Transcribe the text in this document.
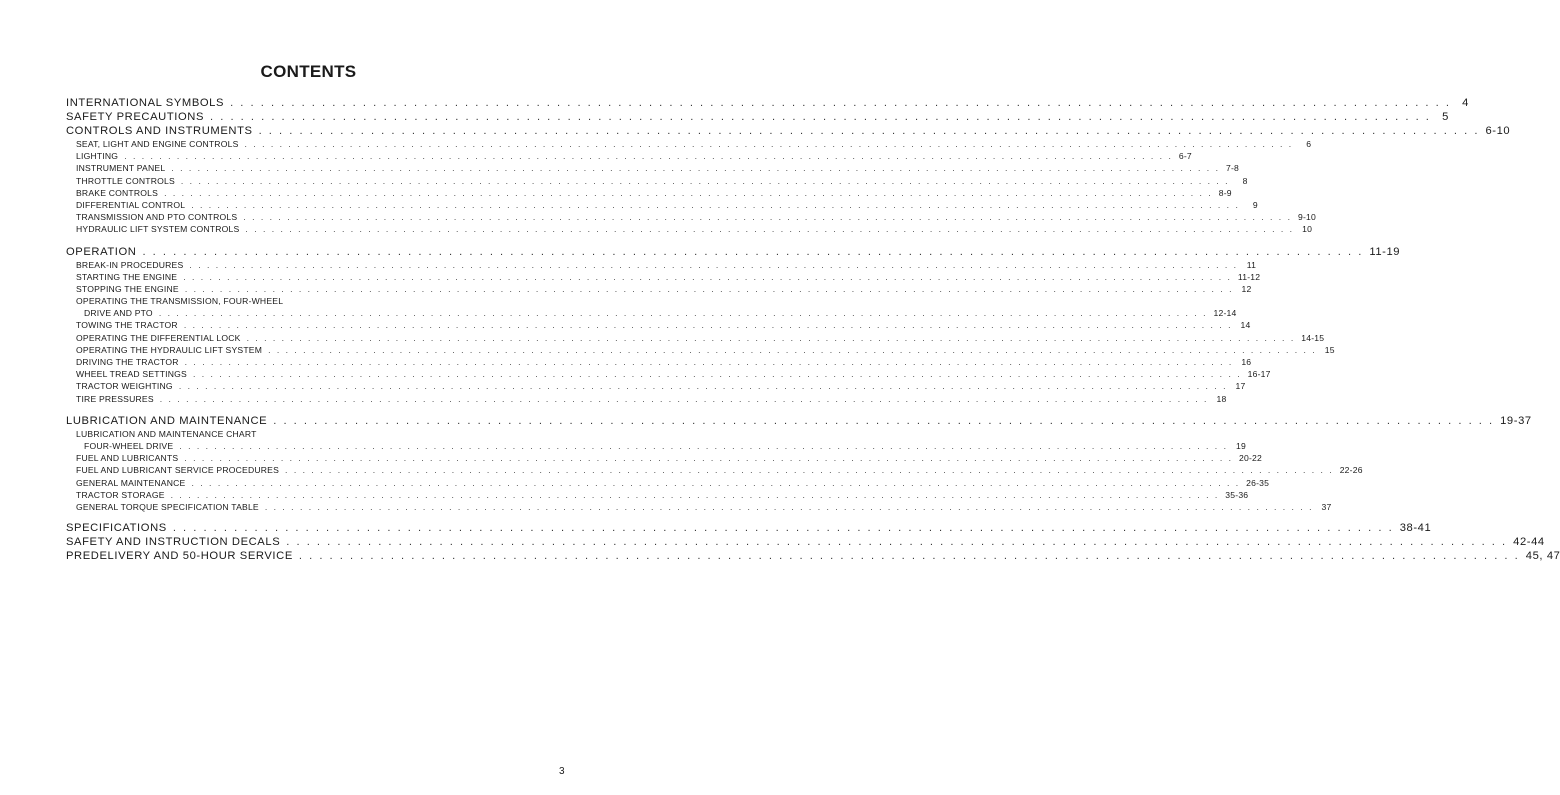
CONTENTS
INTERNATIONAL SYMBOLS . . . . . . . . . . . . . . . . . . . . . . . . . . . . . . . . . . . . . . . . . . . . . . . . . . . . . . . . . . . . . . . . . . . . . . . . . . . . . . . . . . . . . . . . . . . . . . . . . . . . . . . . . . . . . . . . . . . . . . . . 4
SAFETY PRECAUTIONS . . . . . . . . . . . . . . . . . . . . . . . . . . . . . . . . . . . . . . . . . . . . . . . . . . . . . . . . . . . . . . . . . . . . . . . . . . . . . . . . . . . . . . . . . . . . . . . . . . . . . . . . . . . . . . . . . . . . . . . . 5
CONTROLS AND INSTRUMENTS . . . . . . . . . . . . . . . . . . . . . . . . . . . . . . . . . . . . . . . . . . . . . . . . . . . . . . . . . . . . . . . . . . . . . . . . . . . . . . . . . . . . . . . . . . . . . . . . . . . . . . . . . . . . . . . . . . . . . . . . 6-10
SEAT, LIGHT AND ENGINE CONTROLS . . . . . . . . . . . . . . . . . . . . . . . . . . . . . . . . . . . . . . . . . . . . . . . . . . . . . . . . . . . . . . . . . . . . . . . . . . . . . . . . . . . . . . . . . . . . . . . . . . . . . . . . . . . . . . . . . . . . . . . .	6
LIGHTING . . . . . . . . . . . . . . . . . . . . . . . . . . . . . . . . . . . . . . . . . . . . . . . . . . . . . . . . . . . . . . . . . . . . . . . . . . . . . . . . . . . . . . . . . . . . . . . . . . . . . . . . . . . . . . . . . . . . . . . . 6-7
INSTRUMENT PANEL . . . . . . . . . . . . . . . . . . . . . . . . . . . . . . . . . . . . . . . . . . . . . . . . . . . . . . . . . . . . . . . . . . . . . . . . . . . . . . . . . . . . . . . . . . . . . . . . . . . . . . . . . . . . . . . . . . . . . . . . 7-8
THROTTLE CONTROLS . . . . . . . . . . . . . . . . . . . . . . . . . . . . . . . . . . . . . . . . . . . . . . . . . . . . . . . . . . . . . . . . . . . . . . . . . . . . . . . . . . . . . . . . . . . . . . . . . . . . . . . . . . . . . . . . . . . . . . . .	8
BRAKE CONTROLS . . . . . . . . . . . . . . . . . . . . . . . . . . . . . . . . . . . . . . . . . . . . . . . . . . . . . . . . . . . . . . . . . . . . . . . . . . . . . . . . . . . . . . . . . . . . . . . . . . . . . . . . . . . . . . . . . . . . . . . . 8-9
DIFFERENTIAL CONTROL . . . . . . . . . . . . . . . . . . . . . . . . . . . . . . . . . . . . . . . . . . . . . . . . . . . . . . . . . . . . . . . . . . . . . . . . . . . . . . . . . . . . . . . . . . . . . . . . . . . . . . . . . . . . . . . . . . . . . . . .	9
TRANSMISSION AND PTO CONTROLS . . . . . . . . . . . . . . . . . . . . . . . . . . . . . . . . . . . . . . . . . . . . . . . . . . . . . . . . . . . . . . . . . . . . . . . . . . . . . . . . . . . . . . . . . . . . . . . . . . . . . . . . . . . . . . . . . . . . . . . . 9-10
HYDRAULIC LIFT SYSTEM CONTROLS . . . . . . . . . . . . . . . . . . . . . . . . . . . . . . . . . . . . . . . . . . . . . . . . . . . . . . . . . . . . . . . . . . . . . . . . . . . . . . . . . . . . . . . . . . . . . . . . . . . . . . . . . . . . . . . . . . . . . . . . 10
OPERATION . . . . . . . . . . . . . . . . . . . . . . . . . . . . . . . . . . . . . . . . . . . . . . . . . . . . . . . . . . . . . . . . . . . . . . . . . . . . . . . . . . . . . . . . . . . . . . . . . . . . . . . . . . . . . . . . . . . . . . . . 11-19
BREAK-IN PROCEDURES . . . . . . . . . . . . . . . . . . . . . . . . . . . . . . . . . . . . . . . . . . . . . . . . . . . . . . . . . . . . . . . . . . . . . . . . . . . . . . . . . . . . . . . . . . . . . . . . . . . . . . . . . . . . . . . . . . . . . . . .	11
STARTING THE ENGINE . . . . . . . . . . . . . . . . . . . . . . . . . . . . . . . . . . . . . . . . . . . . . . . . . . . . . . . . . . . . . . . . . . . . . . . . . . . . . . . . . . . . . . . . . . . . . . . . . . . . . . . . . . . . . . . . . . . . . . . . 11-12
STOPPING THE ENGINE . . . . . . . . . . . . . . . . . . . . . . . . . . . . . . . . . . . . . . . . . . . . . . . . . . . . . . . . . . . . . . . . . . . . . . . . . . . . . . . . . . . . . . . . . . . . . . . . . . . . . . . . . . . . . . . . . . . . . . . . 12
OPERATING THE TRANSMISSION, FOUR-WHEEL
DRIVE AND PTO . . . . . . . . . . . . . . . . . . . . . . . . . . . . . . . . . . . . . . . . . . . . . . . . . . . . . . . . . . . . . . . . . . . . . . . . . . . . . . . . . . . . . . . . . . . . . . . . . . . . . . . . . . . . . . . . . . . . . . . . 12-14
TOWING THE TRACTOR . . . . . . . . . . . . . . . . . . . . . . . . . . . . . . . . . . . . . . . . . . . . . . . . . . . . . . . . . . . . . . . . . . . . . . . . . . . . . . . . . . . . . . . . . . . . . . . . . . . . . . . . . . . . . . . . . . . . . . . . 14
OPERATING THE DIFFERENTIAL LOCK . . . . . . . . . . . . . . . . . . . . . . . . . . . . . . . . . . . . . . . . . . . . . . . . . . . . . . . . . . . . . . . . . . . . . . . . . . . . . . . . . . . . . . . . . . . . . . . . . . . . . . . . . . . . . . . . . . . . . . . . 14-15
OPERATING THE HYDRAULIC LIFT SYSTEM . . . . . . . . . . . . . . . . . . . . . . . . . . . . . . . . . . . . . . . . . . . . . . . . . . . . . . . . . . . . . . . . . . . . . . . . . . . . . . . . . . . . . . . . . . . . . . . . . . . . . . . . . . . . . . . . . . . . . . . . 15
DRIVING THE TRACTOR . . . . . . . . . . . . . . . . . . . . . . . . . . . . . . . . . . . . . . . . . . . . . . . . . . . . . . . . . . . . . . . . . . . . . . . . . . . . . . . . . . . . . . . . . . . . . . . . . . . . . . . . . . . . . . . . . . . . . . . . 16
WHEEL TREAD SETTINGS . . . . . . . . . . . . . . . . . . . . . . . . . . . . . . . . . . . . . . . . . . . . . . . . . . . . . . . . . . . . . . . . . . . . . . . . . . . . . . . . . . . . . . . . . . . . . . . . . . . . . . . . . . . . . . . . . . . . . . . . 16-17
TRACTOR WEIGHTING . . . . . . . . . . . . . . . . . . . . . . . . . . . . . . . . . . . . . . . . . . . . . . . . . . . . . . . . . . . . . . . . . . . . . . . . . . . . . . . . . . . . . . . . . . . . . . . . . . . . . . . . . . . . . . . . . . . . . . . . 17
TIRE PRESSURES . . . . . . . . . . . . . . . . . . . . . . . . . . . . . . . . . . . . . . . . . . . . . . . . . . . . . . . . . . . . . . . . . . . . . . . . . . . . . . . . . . . . . . . . . . . . . . . . . . . . . . . . . . . . . . . . . . . . . . . . 18
LUBRICATION AND MAINTENANCE . . . . . . . . . . . . . . . . . . . . . . . . . . . . . . . . . . . . . . . . . . . . . . . . . . . . . . . . . . . . . . . . . . . . . . . . . . . . . . . . . . . . . . . . . . . . . . . . . . . . . . . . . . . . . . . . . . . . . . . . 19-37
LUBRICATION AND MAINTENANCE CHART
FOUR-WHEEL DRIVE . . . . . . . . . . . . . . . . . . . . . . . . . . . . . . . . . . . . . . . . . . . . . . . . . . . . . . . . . . . . . . . . . . . . . . . . . . . . . . . . . . . . . . . . . . . . . . . . . . . . . . . . . . . . . . . . . . . . . . . . 19
FUEL AND LUBRICANTS . . . . . . . . . . . . . . . . . . . . . . . . . . . . . . . . . . . . . . . . . . . . . . . . . . . . . . . . . . . . . . . . . . . . . . . . . . . . . . . . . . . . . . . . . . . . . . . . . . . . . . . . . . . . . . . . . . . . . . . . 20-22
FUEL AND LUBRICANT SERVICE PROCEDURES . . . . . . . . . . . . . . . . . . . . . . . . . . . . . . . . . . . . . . . . . . . . . . . . . . . . . . . . . . . . . . . . . . . . . . . . . . . . . . . . . . . . . . . . . . . . . . . . . . . . . . . . . . . . . . . . . . . . . . . . 22-26
GENERAL MAINTENANCE . . . . . . . . . . . . . . . . . . . . . . . . . . . . . . . . . . . . . . . . . . . . . . . . . . . . . . . . . . . . . . . . . . . . . . . . . . . . . . . . . . . . . . . . . . . . . . . . . . . . . . . . . . . . . . . . . . . . . . . . 26-35
TRACTOR STORAGE . . . . . . . . . . . . . . . . . . . . . . . . . . . . . . . . . . . . . . . . . . . . . . . . . . . . . . . . . . . . . . . . . . . . . . . . . . . . . . . . . . . . . . . . . . . . . . . . . . . . . . . . . . . . . . . . . . . . . . . . 35-36
GENERAL TORQUE SPECIFICATION TABLE . . . . . . . . . . . . . . . . . . . . . . . . . . . . . . . . . . . . . . . . . . . . . . . . . . . . . . . . . . . . . . . . . . . . . . . . . . . . . . . . . . . . . . . . . . . . . . . . . . . . . . . . . . . . . . . . . . . . . . . . 37
SPECIFICATIONS . . . . . . . . . . . . . . . . . . . . . . . . . . . . . . . . . . . . . . . . . . . . . . . . . . . . . . . . . . . . . . . . . . . . . . . . . . . . . . . . . . . . . . . . . . . . . . . . . . . . . . . . . . . . . . . . . . . . . . . . 38-41
SAFETY AND INSTRUCTION DECALS . . . . . . . . . . . . . . . . . . . . . . . . . . . . . . . . . . . . . . . . . . . . . . . . . . . . . . . . . . . . . . . . . . . . . . . . . . . . . . . . . . . . . . . . . . . . . . . . . . . . . . . . . . . . . . . . . . . . . . . . 42-44
PREDELIVERY AND 50-HOUR SERVICE . . . . . . . . . . . . . . . . . . . . . . . . . . . . . . . . . . . . . . . . . . . . . . . . . . . . . . . . . . . . . . . . . . . . . . . . . . . . . . . . . . . . . . . . . . . . . . . . . . . . . . . . . . . . . . . . . . . . . . . . 45, 47
3
